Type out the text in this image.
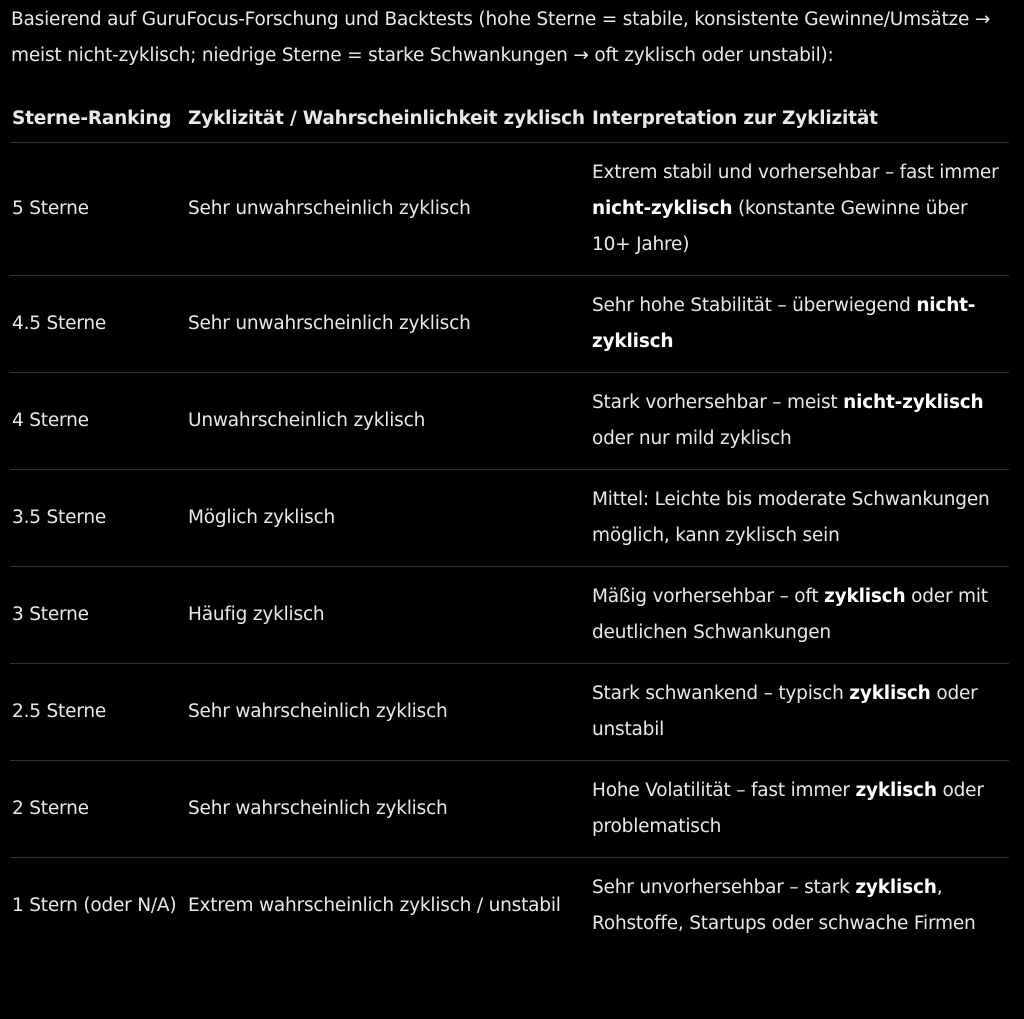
Basierend auf GuruFocus-Forschung und Backtests (hohe Sterne = stabile, konsistente Gewinne/Umsätze → meist nicht-zyklisch; niedrige Sterne = starke Schwankungen → oft zyklisch oder unstabil):

Sterne-Ranking	Zyklizität / Wahrscheinlichkeit zyklisch	Interpretation zur Zyklizität
5 Sterne	Sehr unwahrscheinlich zyklisch	Extrem stabil und vorhersehbar – fast immer nicht-zyklisch (konstante Gewinne über 10+ Jahre)
4.5 Sterne	Sehr unwahrscheinlich zyklisch	Sehr hohe Stabilität – überwiegend nicht-zyklisch
4 Sterne	Unwahrscheinlich zyklisch	Stark vorhersehbar – meist nicht-zyklisch oder nur mild zyklisch
3.5 Sterne	Möglich zyklisch	Mittel: Leichte bis moderate Schwankungen möglich, kann zyklisch sein
3 Sterne	Häufig zyklisch	Mäßig vorhersehbar – oft zyklisch oder mit deutlichen Schwankungen
2.5 Sterne	Sehr wahrscheinlich zyklisch	Stark schwankend – typisch zyklisch oder unstabil
2 Sterne	Sehr wahrscheinlich zyklisch	Hohe Volatilität – fast immer zyklisch oder problematisch
1 Stern (oder N/A)	Extrem wahrscheinlich zyklisch / unstabil	Sehr unvorhersehbar – stark zyklisch, Rohstoffe, Startups oder schwache Firmen
